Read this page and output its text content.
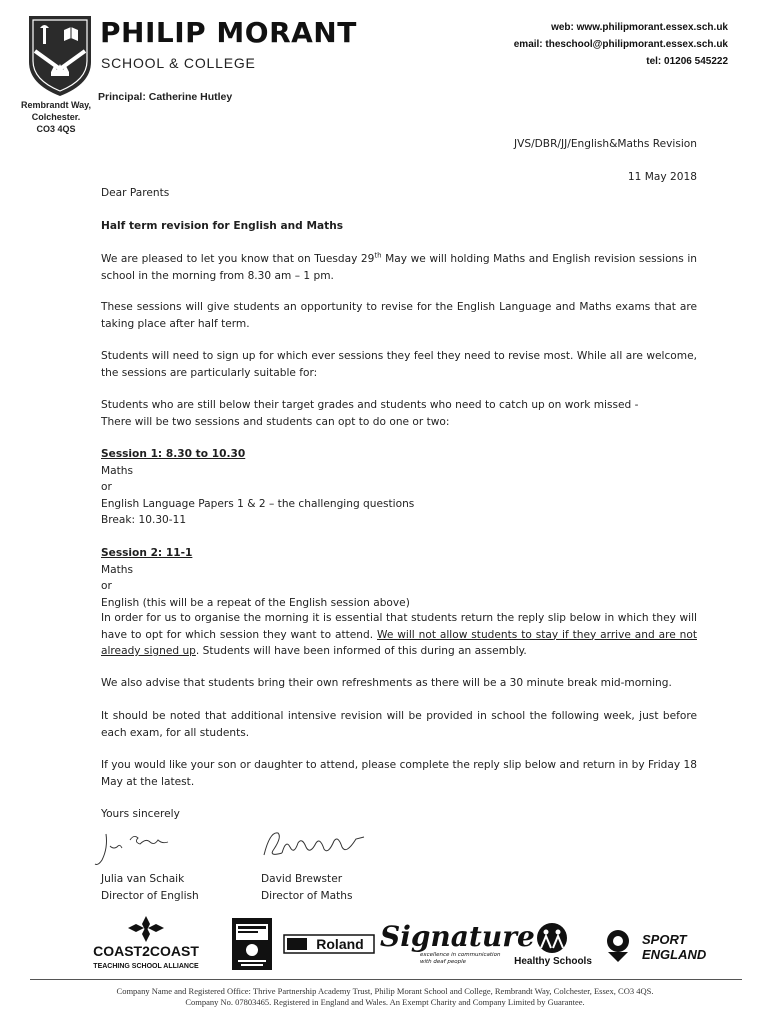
PHILIP MORANT
SCHOOL & COLLEGE
Principal: Catherine Hutley
Rembrandt Way,
Colchester.
CO3 4QS
web: www.philipmorant.essex.sch.uk
email: theschool@philipmorant.essex.sch.uk
tel: 01206 545222
JVS/DBR/JJ/English&Maths Revision
11 May 2018
Dear Parents
Half term revision for English and Maths
We are pleased to let you know that on Tuesday 29th May we will holding Maths and English revision sessions in school in the morning from 8.30 am – 1 pm.
These sessions will give students an opportunity to revise for the English Language and Maths exams that are taking place after half term.
Students will need to sign up for which ever sessions they feel they need to revise most. While all are welcome, the sessions are particularly suitable for:
Students who are still below their target grades and students who need to catch up on work missed -
There will be two sessions and students can opt to do one or two:
Session 1: 8.30 to 10.30
Maths
or
English Language Papers 1 & 2 – the challenging questions
Break: 10.30-11
Session 2: 11-1
Maths
or
English (this will be a repeat of the English session above)
In order for us to organise the morning it is essential that students return the reply slip below in which they will have to opt for which session they want to attend. We will not allow students to stay if they arrive and are not already signed up. Students will have been informed of this during an assembly.
We also advise that students bring their own refreshments as there will be a 30 minute break mid-morning.
It should be noted that additional intensive revision will be provided in school the following week, just before each exam, for all students.
If you would like your son or daughter to attend, please complete the reply slip below and return in by Friday 18 May at the latest.
Yours sincerely
Julia van Schaik
Director of English
David Brewster
Director of Maths
COAST2COAST
TEACHING SCHOOL ALLIANCE
Roland Signature
excellence in communication
with deaf people	Healthy Schools
SPORT
ENGLAND
Company Name and Registered Office: Thrive Partnership Academy Trust, Philip Morant School and College, Rembrandt Way, Colchester, Essex, CO3 4QS.
Company No. 07803465. Registered in England and Wales. An Exempt Charity and Company Limited by Guarantee.
